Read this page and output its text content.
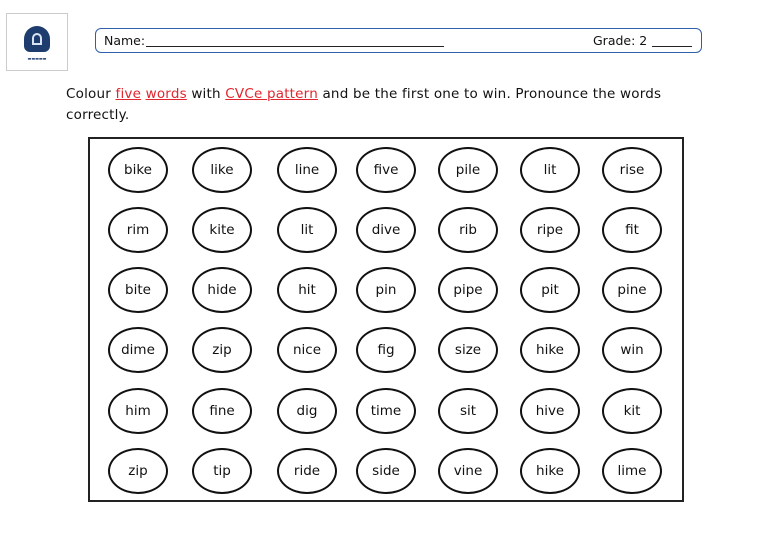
▬▬▬▬▬
Name:	Grade: 2
Colour five words with CVCe pattern and be the first one to win. Pronounce the words correctly.
bike	like	line	five	pile	lit	rise
rim	kite	lit	dive	rib	ripe	fit
bite	hide	hit	pin	pipe	pit	pine
dime	zip	nice	fig	size	hike	win
him	fine	dig	time	sit	hive	kit
zip	tip	ride	side	vine	hike	lime
